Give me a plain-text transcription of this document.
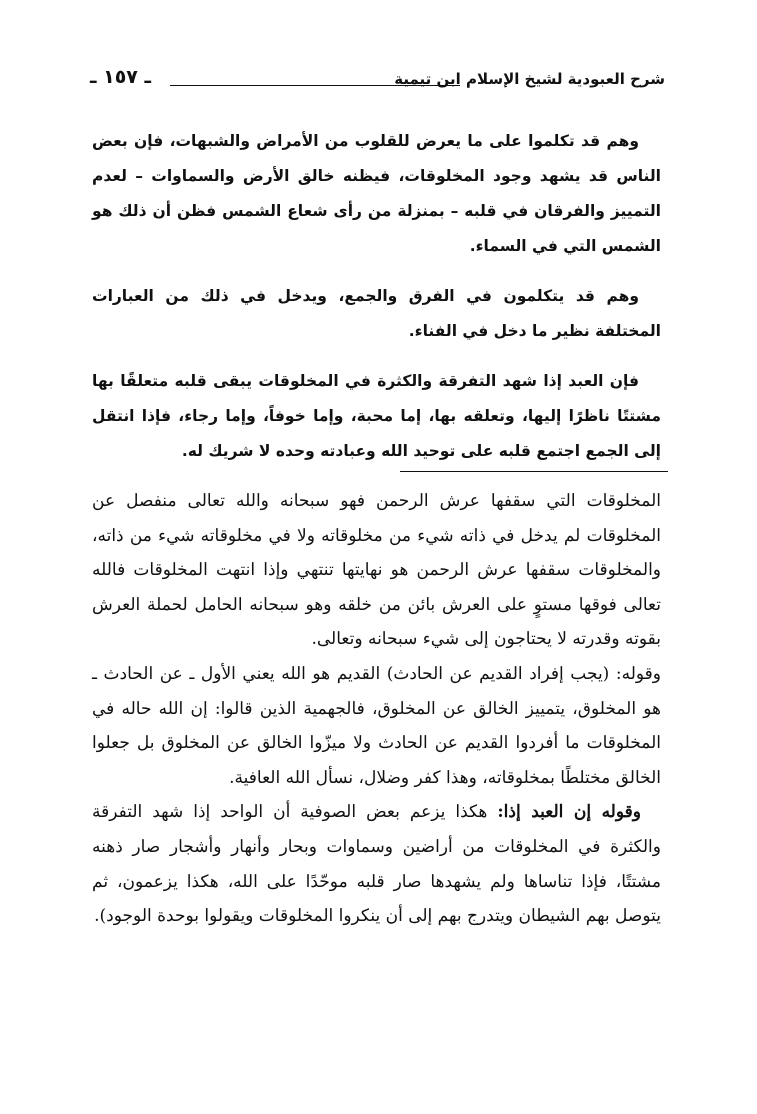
شرح العبودية لشيخ الإسلام ابن تيمية
ـ ١٥٧ ـ

وهم قد تكلموا على ما يعرض للقلوب من الأمراض والشبهات، فإن بعض الناس قد يشهد وجود المخلوقات، فيظنه خالق الأرض والسماوات – لعدم التمييز والفرقان في قلبه – بمنزلة من رأى شعاع الشمس فظن أن ذلك هو الشمس التي في السماء.

وهم قد يتكلمون في الفرق والجمع، ويدخل في ذلك من العبارات المختلفة نظير ما دخل في الفناء.

فإن العبد إذا شهد التفرقة والكثرة في المخلوقات يبقى قلبه متعلقًا بها مشتتًا ناظرًا إليها، وتعلقه بها، إما محبة، وإما خوفاً، وإما رجاء، فإذا انتقل إلى الجمع اجتمع قلبه على توحيد الله وعبادته وحده لا شريك له.

المخلوقات التي سقفها عرش الرحمن فهو سبحانه والله تعالى منفصل عن المخلوقات لم يدخل في ذاته شيء من مخلوقاته ولا في مخلوقاته شيء من ذاته، والمخلوقات سقفها عرش الرحمن هو نهايتها تنتهي وإذا انتهت المخلوقات فالله تعالى فوقها مستوٍ على العرش بائن من خلقه وهو سبحانه الحامل لحملة العرش بقوته وقدرته لا يحتاجون إلى شيء سبحانه وتعالى.

وقوله: (يجب إفراد القديم عن الحادث) القديم هو الله يعني الأول ـ عن الحادث ـ هو المخلوق، يتمييز الخالق عن المخلوق، فالجهمية الذين قالوا: إن الله حاله في المخلوقات ما أفردوا القديم عن الحادث ولا ميزّوا الخالق عن المخلوق بل جعلوا الخالق مختلطًا بمخلوقاته، وهذا كفر وضلال، نسأل الله العافية.

وقوله إن العبد إذا: هكذا يزعم بعض الصوفية أن الواحد إذا شهد التفرقة والكثرة في المخلوقات من أراضين وسماوات وبحار وأنهار وأشجار صار ذهنه مشتتًا، فإذا تناساها ولم يشهدها صار قلبه موحّدًا على الله، هكذا يزعمون، ثم يتوصل بهم الشيطان ويتدرج بهم إلى أن ينكروا المخلوقات ويقولوا بوحدة الوجود).
